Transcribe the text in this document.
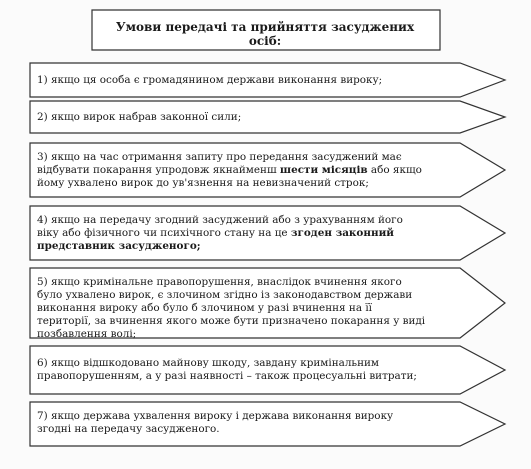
Умови передачі та прийняття засуджених осіб:
1) якщо ця особа є громадянином держави виконання вироку;
2) якщо вирок набрав законної сили;
3) якщо на час отримання запиту про передання засуджений має відбувати покарання упродовж якнайменш шести місяців або якщо йому ухвалено вирок до ув'язнення на невизначений строк;
4) якщо на передачу згодний засуджений або з урахуванням його віку або фізичного чи психічного стану на це згоден законний представник засудженого;
5) якщо кримінальне правопорушення, внаслідок вчинення якого було ухвалено вирок, є злочином згідно із законодавством держави виконання вироку або було б злочином у разі вчинення на її території, за вчинення якого може бути призначено покарання у виді позбавлення волі;
6) якщо відшкодовано майнову шкоду, завдану кримінальним правопорушенням, а у разі наявності – також процесуальні витрати;
7) якщо держава ухвалення вироку і держава виконання вироку згодні на передачу засудженого.
